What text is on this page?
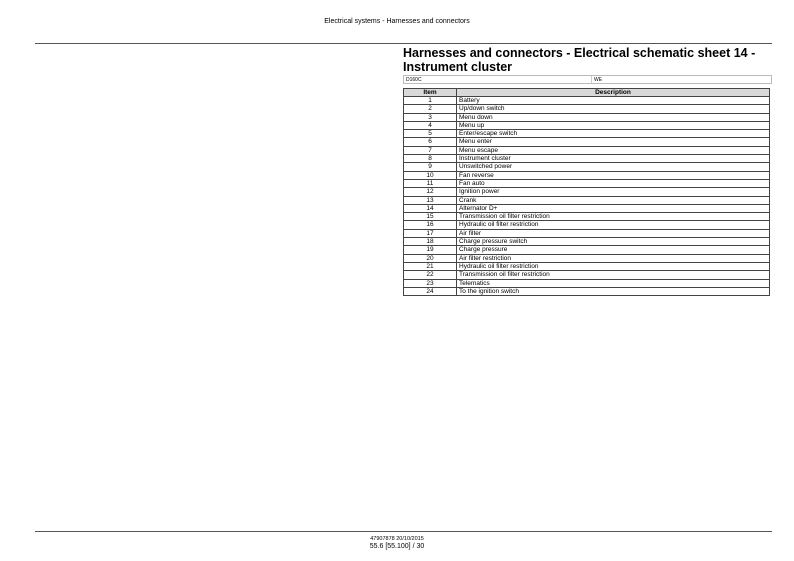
Electrical systems - Harnesses and connectors
Harnesses and connectors - Electrical schematic sheet 14 - Instrument cluster
D160C	WE
Item	Description
1	Battery
2	Up/down switch
3	Menu down
4	Menu up
5	Enter/escape switch
6	Menu enter
7	Menu escape
8	Instrument cluster
9	Unswitched power
10	Fan reverse
11	Fan auto
12	Ignition power
13	Crank
14	Alternator D+
15	Transmission oil filter restriction
16	Hydraulic oil filter restriction
17	Air filter
18	Charge pressure switch
19	Charge pressure
20	Air filter restriction
21	Hydraulic oil filter restriction
22	Transmission oil filter restriction
23	Telematics
24	To the ignition switch
47907878 20/10/2015
55.6 [55.100] / 30
